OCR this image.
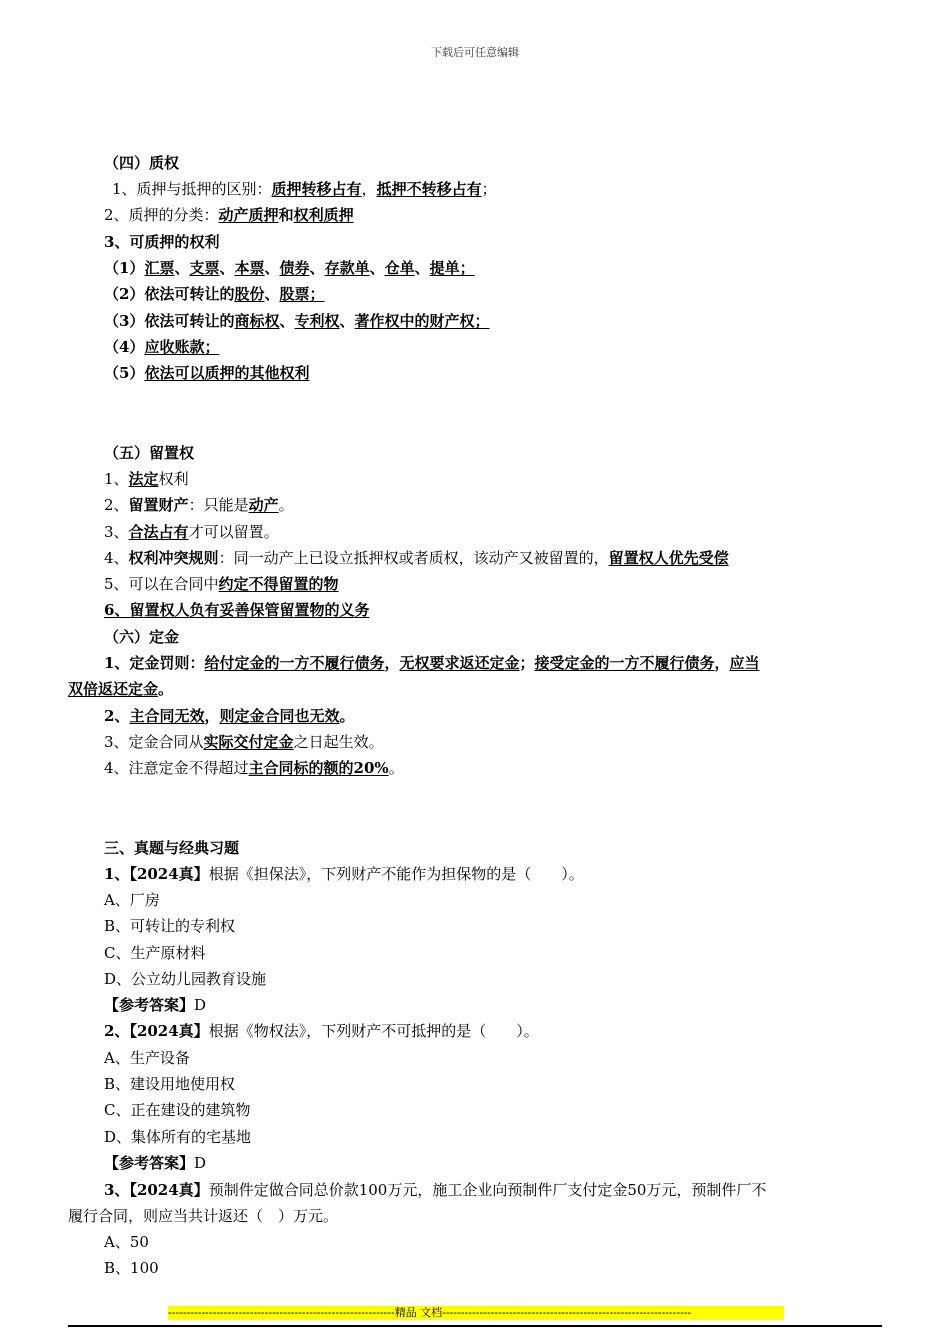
下载后可任意编辑
（四）质权
1、质押与抵押的区别：质押转移占有，抵押不转移占有；
2、质押的分类：动产质押和权利质押
3、可质押的权利
（1）汇票、支票、本票、债券、存款单、仓单、提单；
（2）依法可转让的股份、股票；
（3）依法可转让的商标权、专利权、著作权中的财产权；
（4）应收账款；
（5）依法可以质押的其他权利
（五）留置权
1、法定权利
2、留置财产：只能是动产。
3、合法占有才可以留置。
4、权利冲突规则：同一动产上已设立抵押权或者质权，该动产又被留置的，留置权人优先受偿
5、可以在合同中约定不得留置的物
6、留置权人负有妥善保管留置物的义务
（六）定金
1、定金罚则：给付定金的一方不履行债务，无权要求返还定金；接受定金的一方不履行债务，应当
双倍返还定金。
2、主合同无效，则定金合同也无效。
3、定金合同从实际交付定金之日起生效。
4、注意定金不得超过主合同标的额的20%。
三、真题与经典习题
1、【2024真】根据《担保法》，下列财产不能作为担保物的是（　　）。
A、厂房
B、可转让的专利权
C、生产原材料
D、公立幼儿园教育设施
【参考答案】D
2、【2024真】根据《物权法》，下列财产不可抵押的是（　　）。
A、生产设备
B、建设用地使用权
C、正在建设的建筑物
D、集体所有的宅基地
【参考答案】D
3、【2024真】预制件定做合同总价款100万元，施工企业向预制件厂支付定金50万元，预制件厂不
履行合同，则应当共计返还（　）万元。
A、50
B、100
-------------------------------------------------------------精品 文档-------------------------------------------------------------------
